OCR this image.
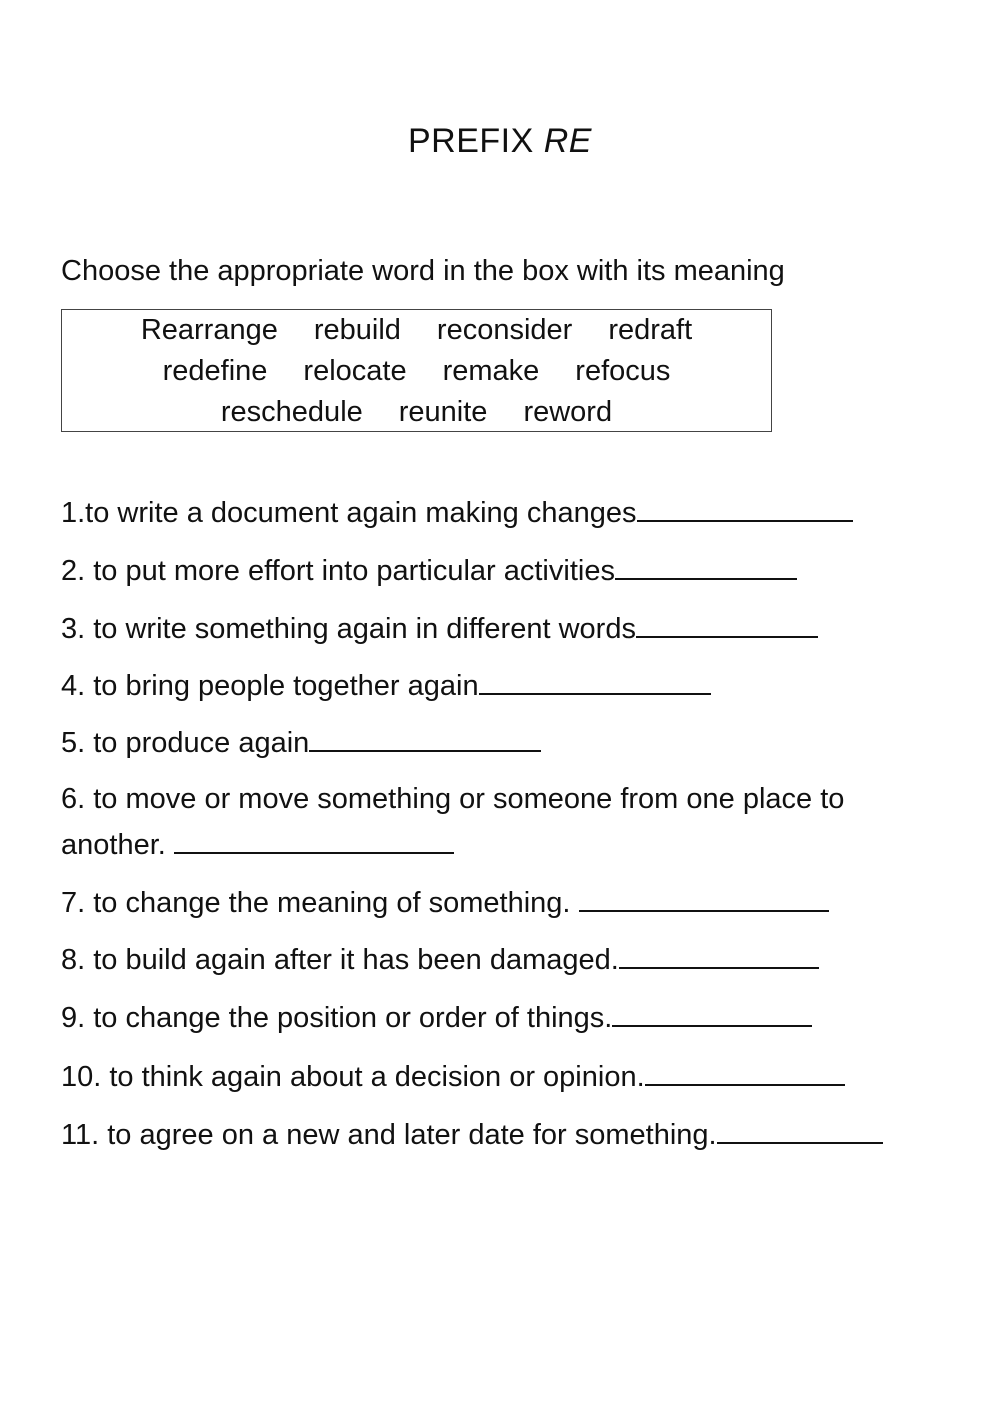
PREFIX RE
Choose the appropriate word in the box with its meaning
Rearrange rebuild reconsider redraft
redefine relocate remake refocus
reschedule reunite reword
1.to write a document again making changes
2. to put more effort into particular activities
3. to write something again in different words
4. to bring people together again
5. to produce again
6. to move or move something or someone from one place to
another.
7. to change the meaning of something.
8. to build again after it has been damaged.
9. to change the position or order of things.
10. to think again about a decision or opinion.
11. to agree on a new and later date for something.
